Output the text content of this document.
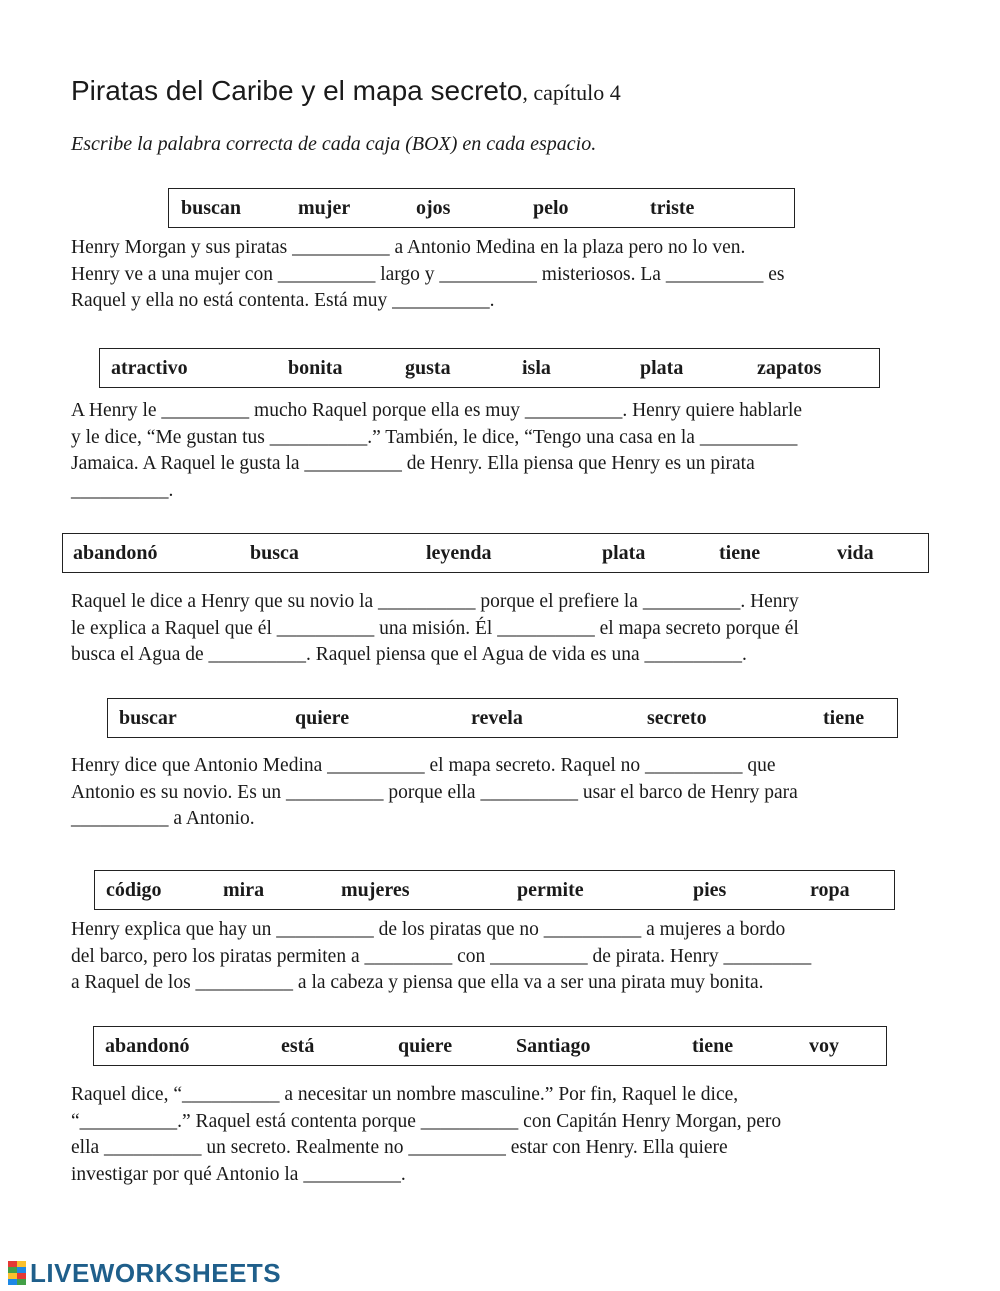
Piratas del Caribe y el mapa secreto, capítulo 4
Escribe la palabra correcta de cada caja (BOX) en cada espacio.
buscan	mujer	ojos	pelo	triste
Henry Morgan y sus piratas __________ a Antonio Medina en la plaza pero no lo ven.
Henry ve a una mujer con __________ largo y __________ misteriosos. La __________ es
Raquel y ella no está contenta. Está muy __________.
atractivo	bonita	gusta	isla	plata	zapatos
A Henry le _________ mucho Raquel porque ella es muy __________. Henry quiere hablarle
y le dice, “Me gustan tus __________.” También, le dice, “Tengo una casa en la __________
Jamaica. A Raquel le gusta la __________ de Henry. Ella piensa que Henry es un pirata
__________.
abandonó	busca	leyenda	plata	tiene	vida
Raquel le dice a Henry que su novio la __________ porque el prefiere la __________. Henry
le explica a Raquel que él __________ una misión. Él __________ el mapa secreto porque él
busca el Agua de __________. Raquel piensa que el Agua de vida es una __________.
buscar	quiere	revela	secreto	tiene
Henry dice que Antonio Medina __________ el mapa secreto. Raquel no __________ que
Antonio es su novio. Es un __________ porque ella __________ usar el barco de Henry para
__________ a Antonio.
código	mira	mujeres	permite	pies	ropa
Henry explica que hay un __________ de los piratas que no __________ a mujeres a bordo
del barco, pero los piratas permiten a _________ con __________ de pirata. Henry _________
a Raquel de los __________ a la cabeza y piensa que ella va a ser una pirata muy bonita.
abandonó	está	quiere	Santiago	tiene	voy
Raquel dice, “__________ a necesitar un nombre masculine.” Por fin, Raquel le dice,
“__________.” Raquel está contenta porque __________ con Capitán Henry Morgan, pero
ella __________ un secreto. Realmente no __________ estar con Henry. Ella quiere
investigar por qué Antonio la __________.
LIVEWORKSHEETS
